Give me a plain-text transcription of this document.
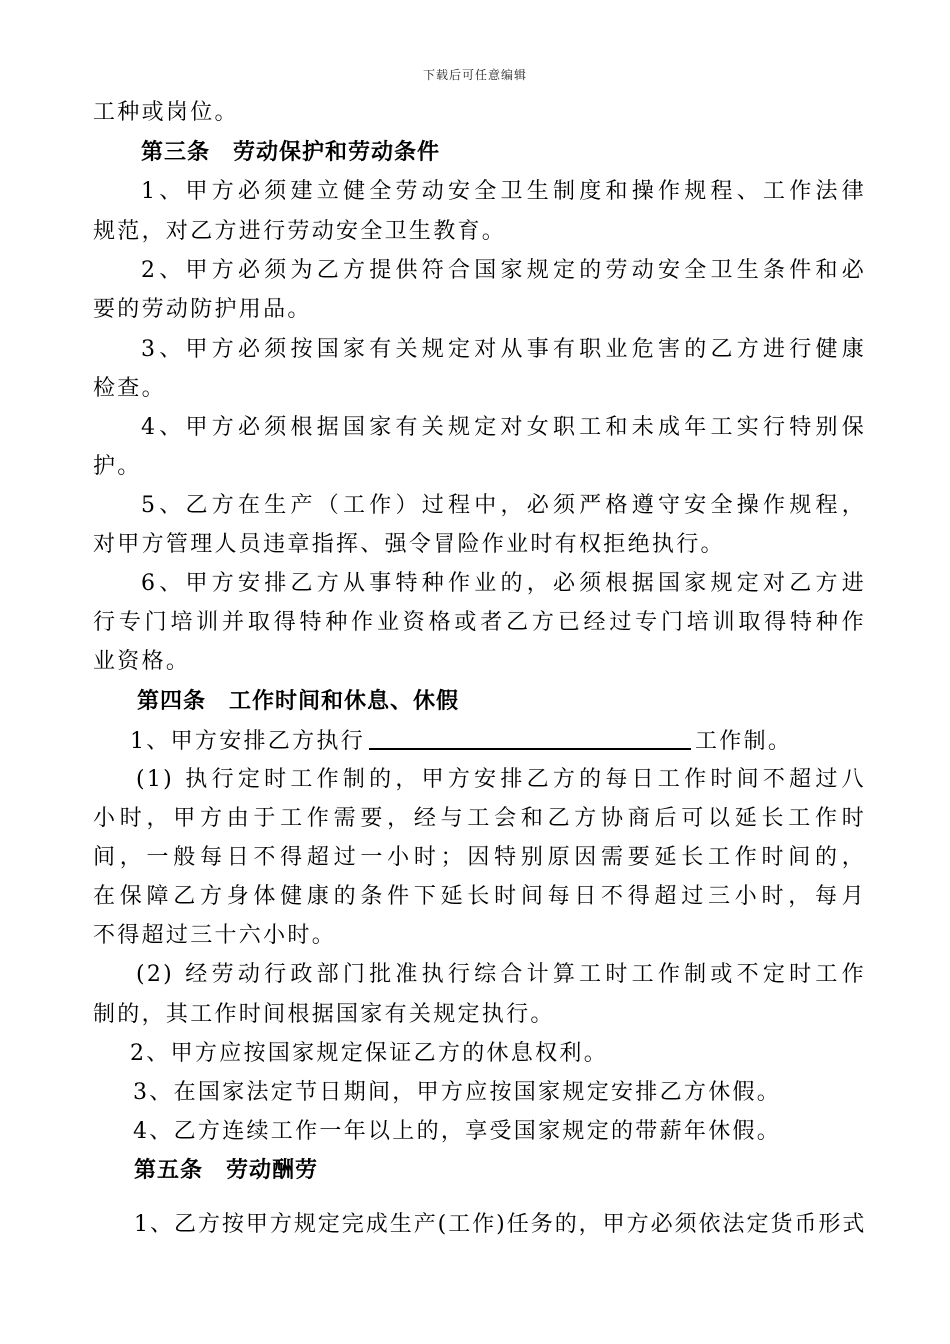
下载后可任意编辑
工种或岗位。
第三条　劳动保护和劳动条件
1、甲方必须建立健全劳动安全卫生制度和操作规程、工作法律
规范，对乙方进行劳动安全卫生教育。
2、甲方必须为乙方提供符合国家规定的劳动安全卫生条件和必
要的劳动防护用品。
3、甲方必须按国家有关规定对从事有职业危害的乙方进行健康
检查。
4、甲方必须根据国家有关规定对女职工和未成年工实行特别保
护。
5、乙方在生产（工作）过程中，必须严格遵守安全操作规程，
对甲方管理人员违章指挥、强令冒险作业时有权拒绝执行。
6、甲方安排乙方从事特种作业的，必须根据国家规定对乙方进
行专门培训并取得特种作业资格或者乙方已经过专门培训取得特种作
业资格。
第四条　工作时间和休息、休假
1、甲方安排乙方执行	工作制。
(1) 执行定时工作制的，甲方安排乙方的每日工作时间不超过八
小时，甲方由于工作需要，经与工会和乙方协商后可以延长工作时
间，一般每日不得超过一小时；因特别原因需要延长工作时间的，
在保障乙方身体健康的条件下延长时间每日不得超过三小时，每月
不得超过三十六小时。
(2) 经劳动行政部门批准执行综合计算工时工作制或不定时工作
制的，其工作时间根据国家有关规定执行。
2、甲方应按国家规定保证乙方的休息权利。
3、在国家法定节日期间，甲方应按国家规定安排乙方休假。
4、乙方连续工作一年以上的，享受国家规定的带薪年休假。
第五条　劳动酬劳
1、乙方按甲方规定完成生产(工作)任务的，甲方必须依法定货币形式
